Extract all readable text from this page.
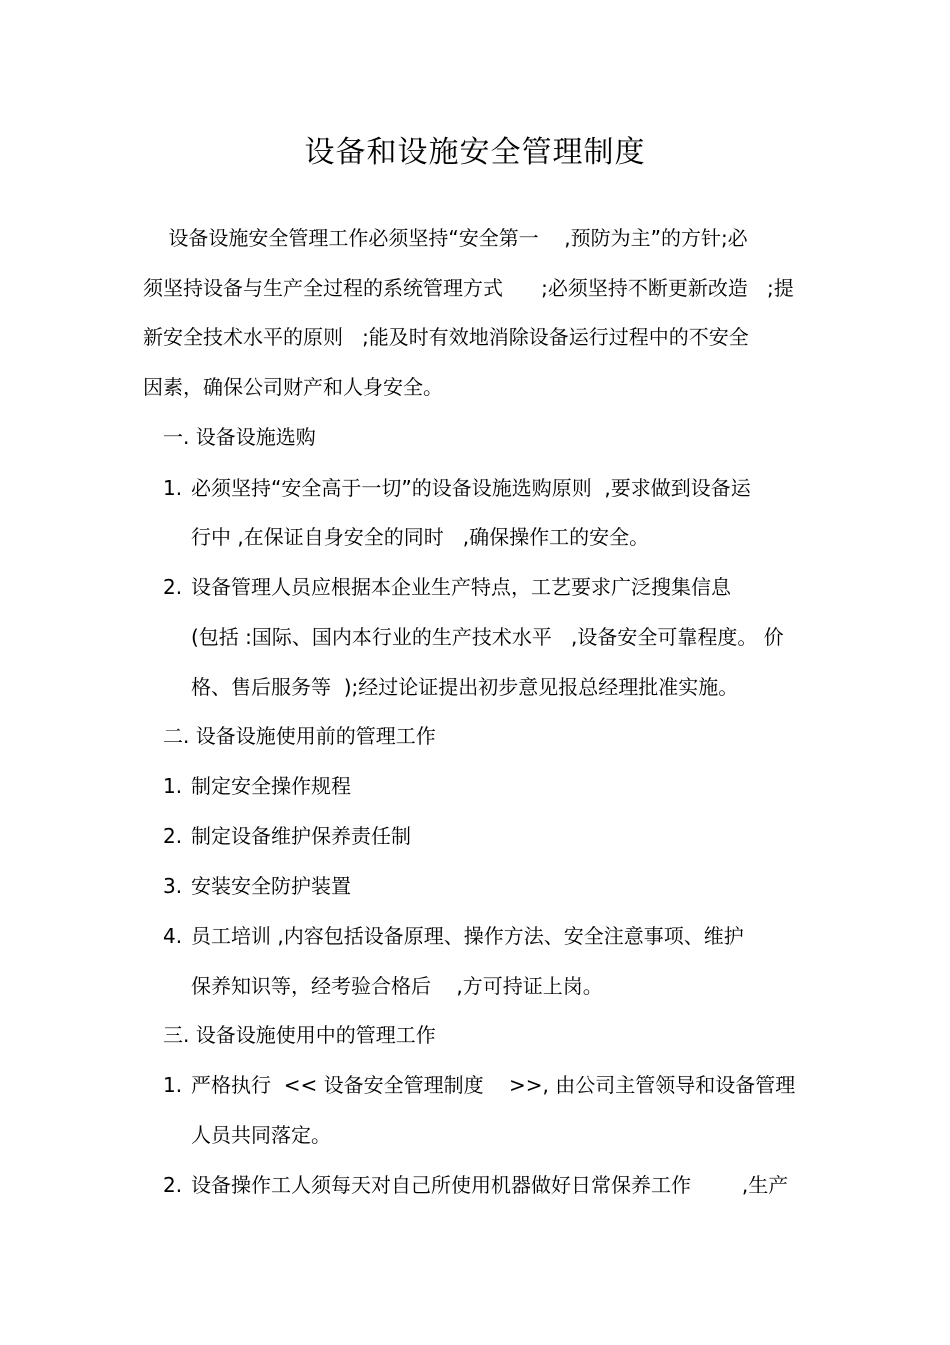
设备和设施安全管理制度
设备设施安全管理工作必须坚持“安全第一    ,预防为主”的方针;必
须坚持设备与生产全过程的系统管理方式      ;必须坚持不断更新改造   ;提
新安全技术水平的原则   ;能及时有效地消除设备运行过程中的不安全
因素，确保公司财产和人身安全。
一. 设备设施选购
1. 必须坚持“安全高于一切”的设备设施选购原则  ,要求做到设备运
行中 ,在保证自身安全的同时   ,确保操作工的安全。
2. 设备管理人员应根据本企业生产特点，工艺要求广泛搜集信息
(包括 :国际、国内本行业的生产技术水平   ,设备安全可靠程度。 价
格、售后服务等  );经过论证提出初步意见报总经理批准实施。
二. 设备设施使用前的管理工作
1. 制定安全操作规程
2. 制定设备维护保养责任制
3. 安装安全防护装置
4. 员工培训 ,内容包括设备原理、操作方法、安全注意事项、维护
保养知识等，经考验合格后    ,方可持证上岗。
三. 设备设施使用中的管理工作
1. 严格执行  << 设备安全管理制度    >>, 由公司主管领导和设备管理
人员共同落定。
2. 设备操作工人须每天对自己所使用机器做好日常保养工作        ,生产
